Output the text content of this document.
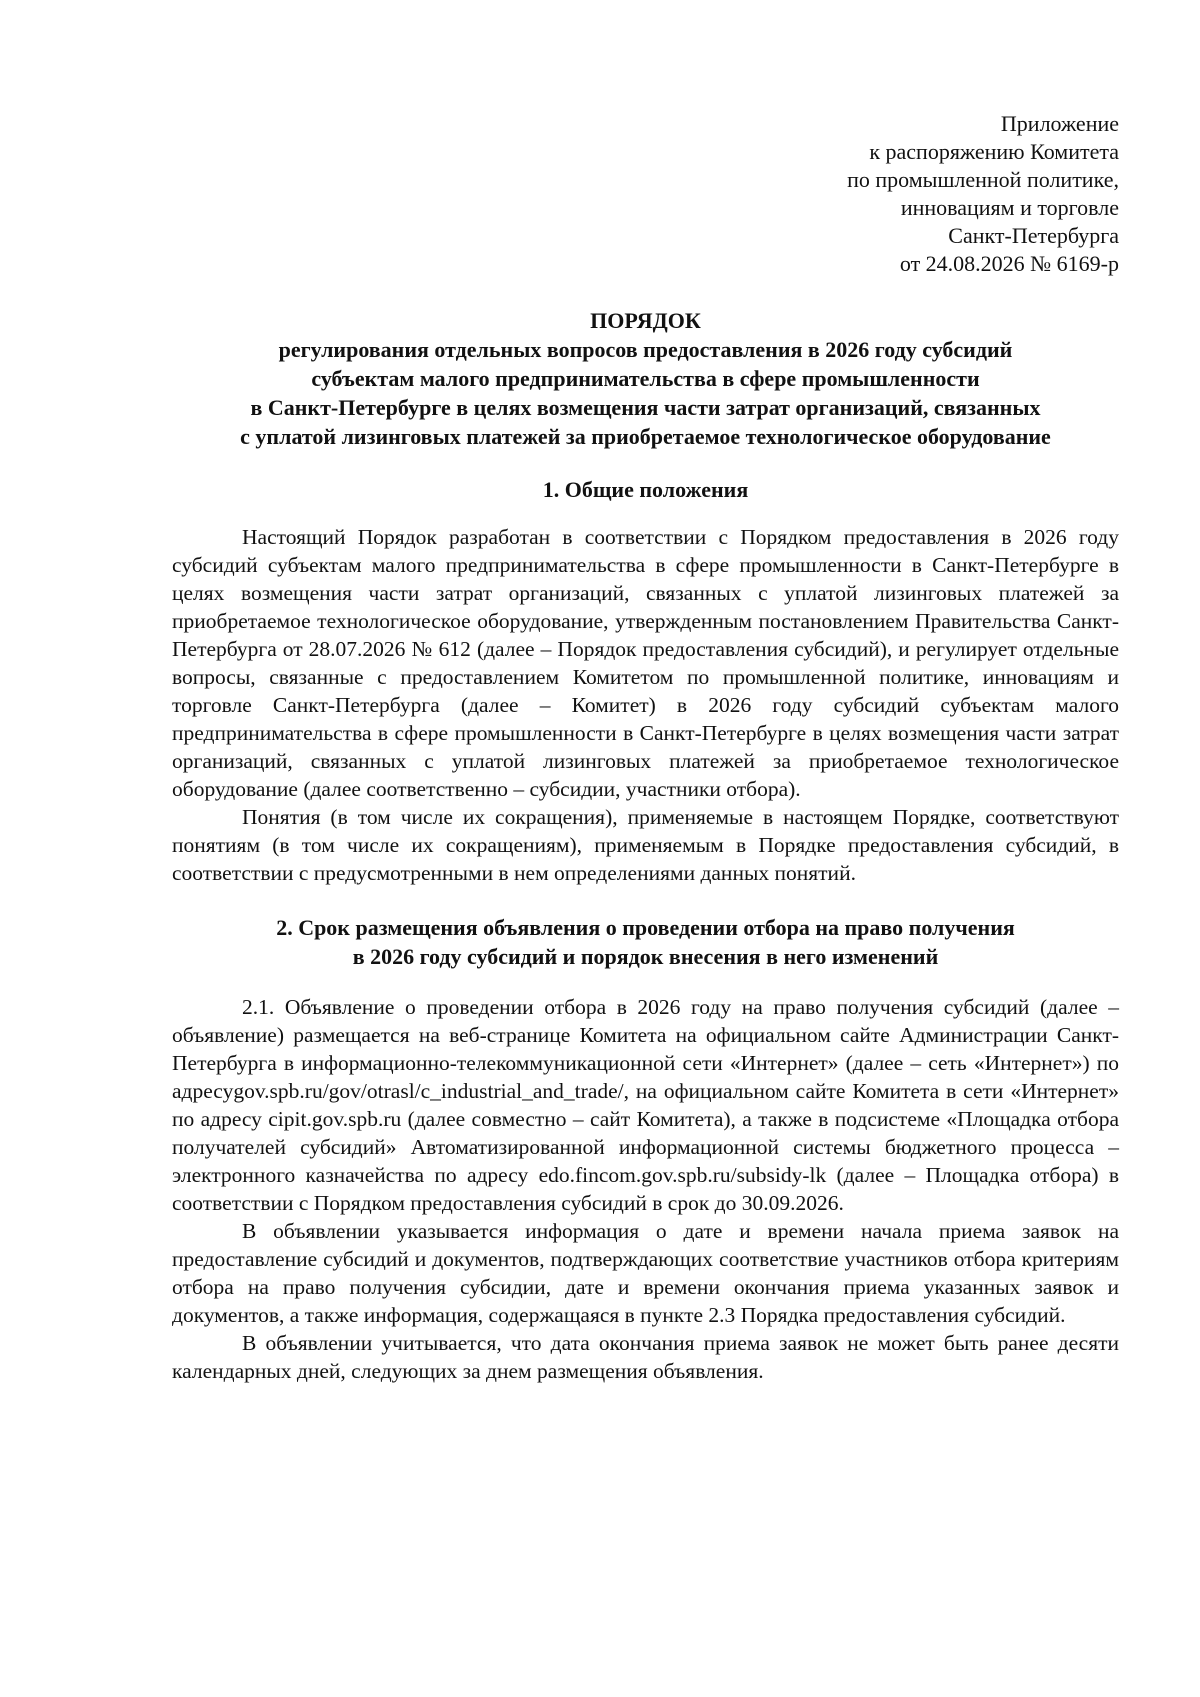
Приложение
к распоряжению Комитета
по промышленной политике,
инновациям и торговле
Санкт-Петербурга
от 24.08.2026 № 6169-р
ПОРЯДОК
регулирования отдельных вопросов предоставления в 2026 году субсидий
субъектам малого предпринимательства в сфере промышленности
в Санкт-Петербурге в целях возмещения части затрат организаций, связанных
с уплатой лизинговых платежей за приобретаемое технологическое оборудование
1. Общие положения

Настоящий Порядок разработан в соответствии с Порядком предоставления в 2026 году субсидий субъектам малого предпринимательства в сфере промышленности в Санкт-Петербурге в целях возмещения части затрат организаций, связанных с уплатой лизинговых платежей за приобретаемое технологическое оборудование, утвержденным постановлением Правительства Санкт-Петербурга от 28.07.2026 № 612 (далее – Порядок предоставления субсидий), и регулирует отдельные вопросы, связанные с предоставлением Комитетом по промышленной политике, инновациям и торговле Санкт-Петербурга (далее – Комитет) в 2026 году субсидий субъектам малого предпринимательства в сфере промышленности в Санкт-Петербурге в целях возмещения части затрат организаций, связанных с уплатой лизинговых платежей за приобретаемое технологическое оборудование (далее соответственно – субсидии, участники отбора).

Понятия (в том числе их сокращения), применяемые в настоящем Порядке, соответствуют понятиям (в том числе их сокращениям), применяемым в Порядке предоставления субсидий, в соответствии с предусмотренными в нем определениями данных понятий.

2. Срок размещения объявления о проведении отбора на право получения
в 2026 году субсидий и порядок внесения в него изменений

2.1. Объявление о проведении отбора в 2026 году на право получения субсидий (далее – объявление) размещается на веб-странице Комитета на официальном сайте Администрации Санкт-Петербурга в информационно-телекоммуникационной сети «Интернет» (далее – сеть «Интернет») по адресуgov.spb.ru/gov/otrasl/c_industrial_and_trade/, на официальном сайте Комитета в сети «Интернет» по адресу cipit.gov.spb.ru (далее совместно – сайт Комитета), а также в подсистеме «Площадка отбора получателей субсидий» Автоматизированной информационной системы бюджетного процесса – электронного казначейства по адресу edo.fincom.gov.spb.ru/subsidy-lk (далее – Площадка отбора) в соответствии с Порядком предоставления субсидий в срок до 30.09.2026.

В объявлении указывается информация о дате и времени начала приема заявок на предоставление субсидий и документов, подтверждающих соответствие участников отбора критериям отбора на право получения субсидии, дате и времени окончания приема указанных заявок и документов, а также информация, содержащаяся в пункте 2.3 Порядка предоставления субсидий.

В объявлении учитывается, что дата окончания приема заявок не может быть ранее десяти календарных дней, следующих за днем размещения объявления.
